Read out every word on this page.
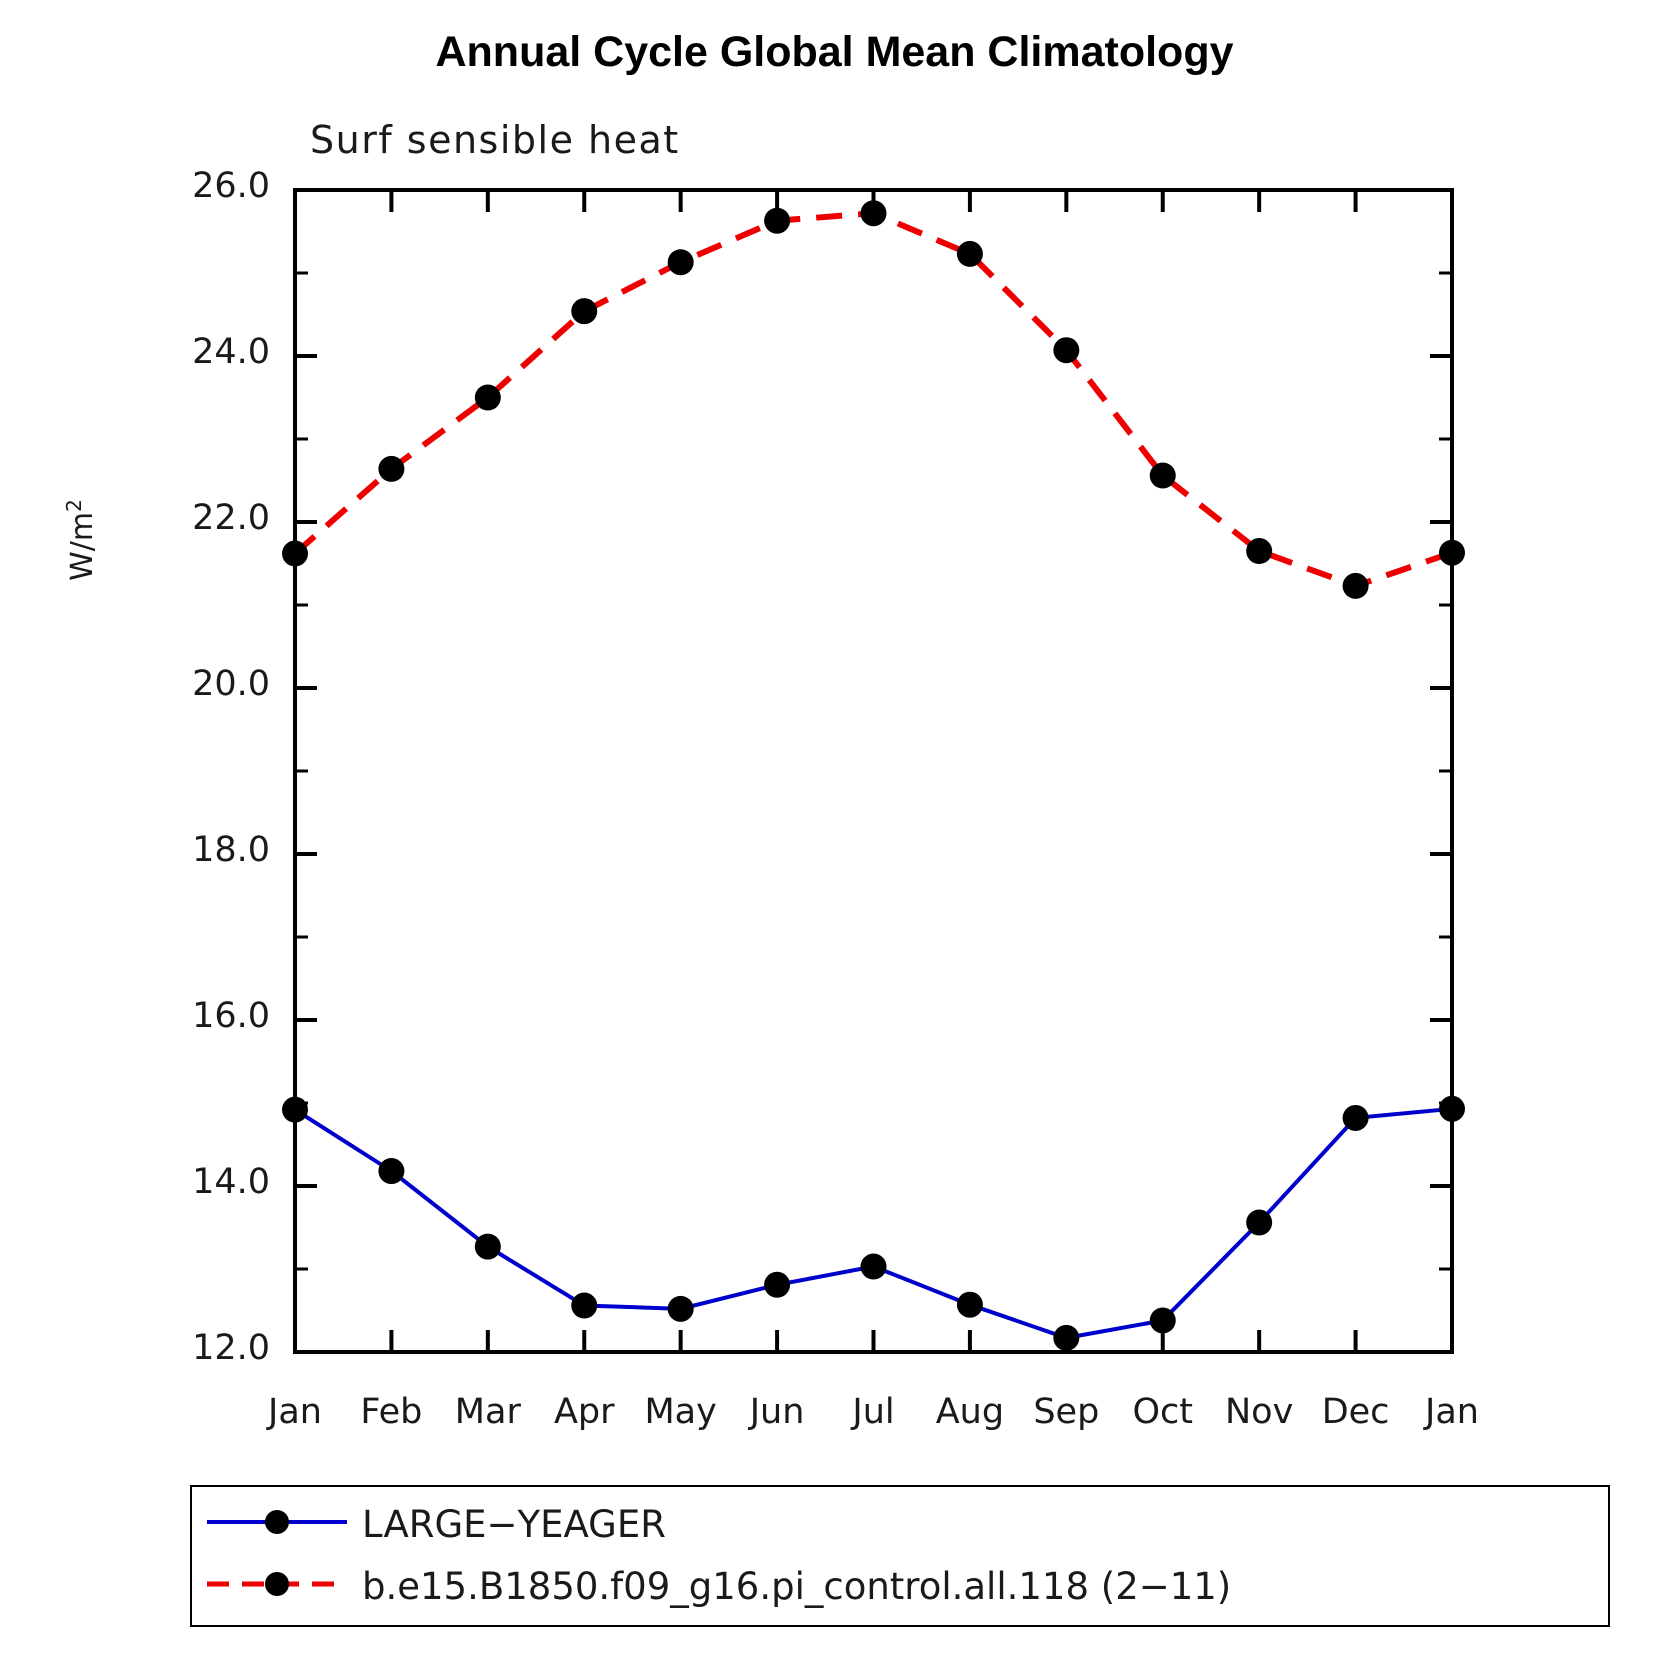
Annual Cycle Global Mean Climatology
Surf sensible heat
$W/m^2$
12.0
14.0
16.0
18.0
20.0
22.0
24.0
26.0
Jan	Feb Mar Apr May Jun	Jul	Aug Sep Oct Nov Dec	Jan
LARGE−YEAGER
b.e15.B1850.f09_g16.pi_control.all.118 (2−11)
